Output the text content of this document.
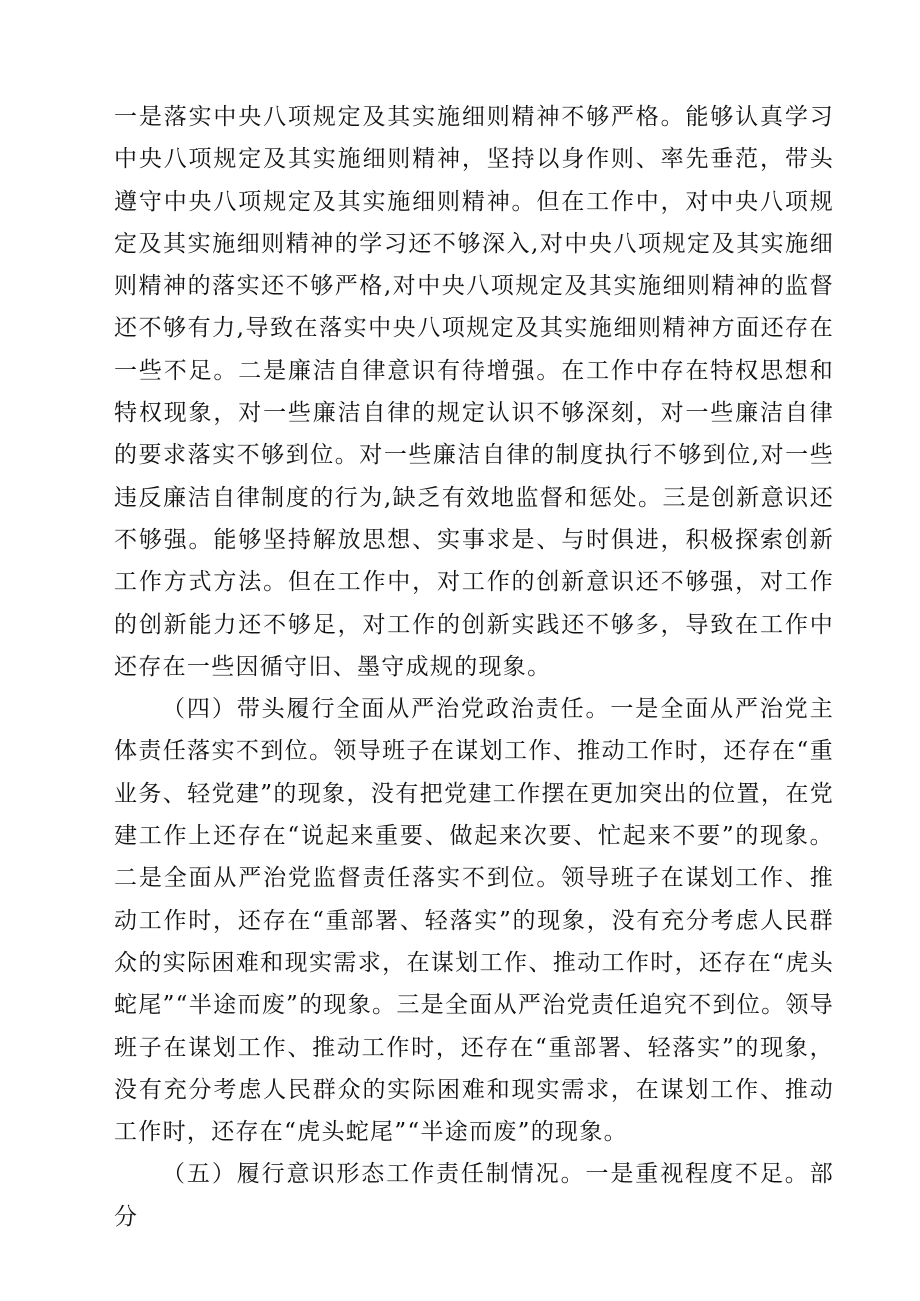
一是落实中央八项规定及其实施细则精神不够严格。能够认真学习中央八项规定及其实施细则精神，坚持以身作则、率先垂范，带头遵守中央八项规定及其实施细则精神。但在工作中，对中央八项规定及其实施细则精神的学习还不够深入,对中央八项规定及其实施细则精神的落实还不够严格,对中央八项规定及其实施细则精神的监督还不够有力,导致在落实中央八项规定及其实施细则精神方面还存在一些不足。二是廉洁自律意识有待增强。在工作中存在特权思想和特权现象，对一些廉洁自律的规定认识不够深刻，对一些廉洁自律的要求落实不够到位。对一些廉洁自律的制度执行不够到位,对一些违反廉洁自律制度的行为,缺乏有效地监督和惩处。三是创新意识还不够强。能够坚持解放思想、实事求是、与时俱进，积极探索创新工作方式方法。但在工作中，对工作的创新意识还不够强，对工作的创新能力还不够足，对工作的创新实践还不够多，导致在工作中还存在一些因循守旧、墨守成规的现象。

（四）带头履行全面从严治党政治责任。一是全面从严治党主体责任落实不到位。领导班子在谋划工作、推动工作时，还存在“重业务、轻党建”的现象，没有把党建工作摆在更加突出的位置，在党建工作上还存在“说起来重要、做起来次要、忙起来不要”的现象。二是全面从严治党监督责任落实不到位。领导班子在谋划工作、推动工作时，还存在“重部署、轻落实”的现象，没有充分考虑人民群众的实际困难和现实需求，在谋划工作、推动工作时，还存在“虎头蛇尾”“半途而废”的现象。三是全面从严治党责任追究不到位。领导班子在谋划工作、推动工作时，还存在“重部署、轻落实”的现象，没有充分考虑人民群众的实际困难和现实需求，在谋划工作、推动工作时，还存在“虎头蛇尾”“半途而废”的现象。

（五）履行意识形态工作责任制情况。一是重视程度不足。部分
